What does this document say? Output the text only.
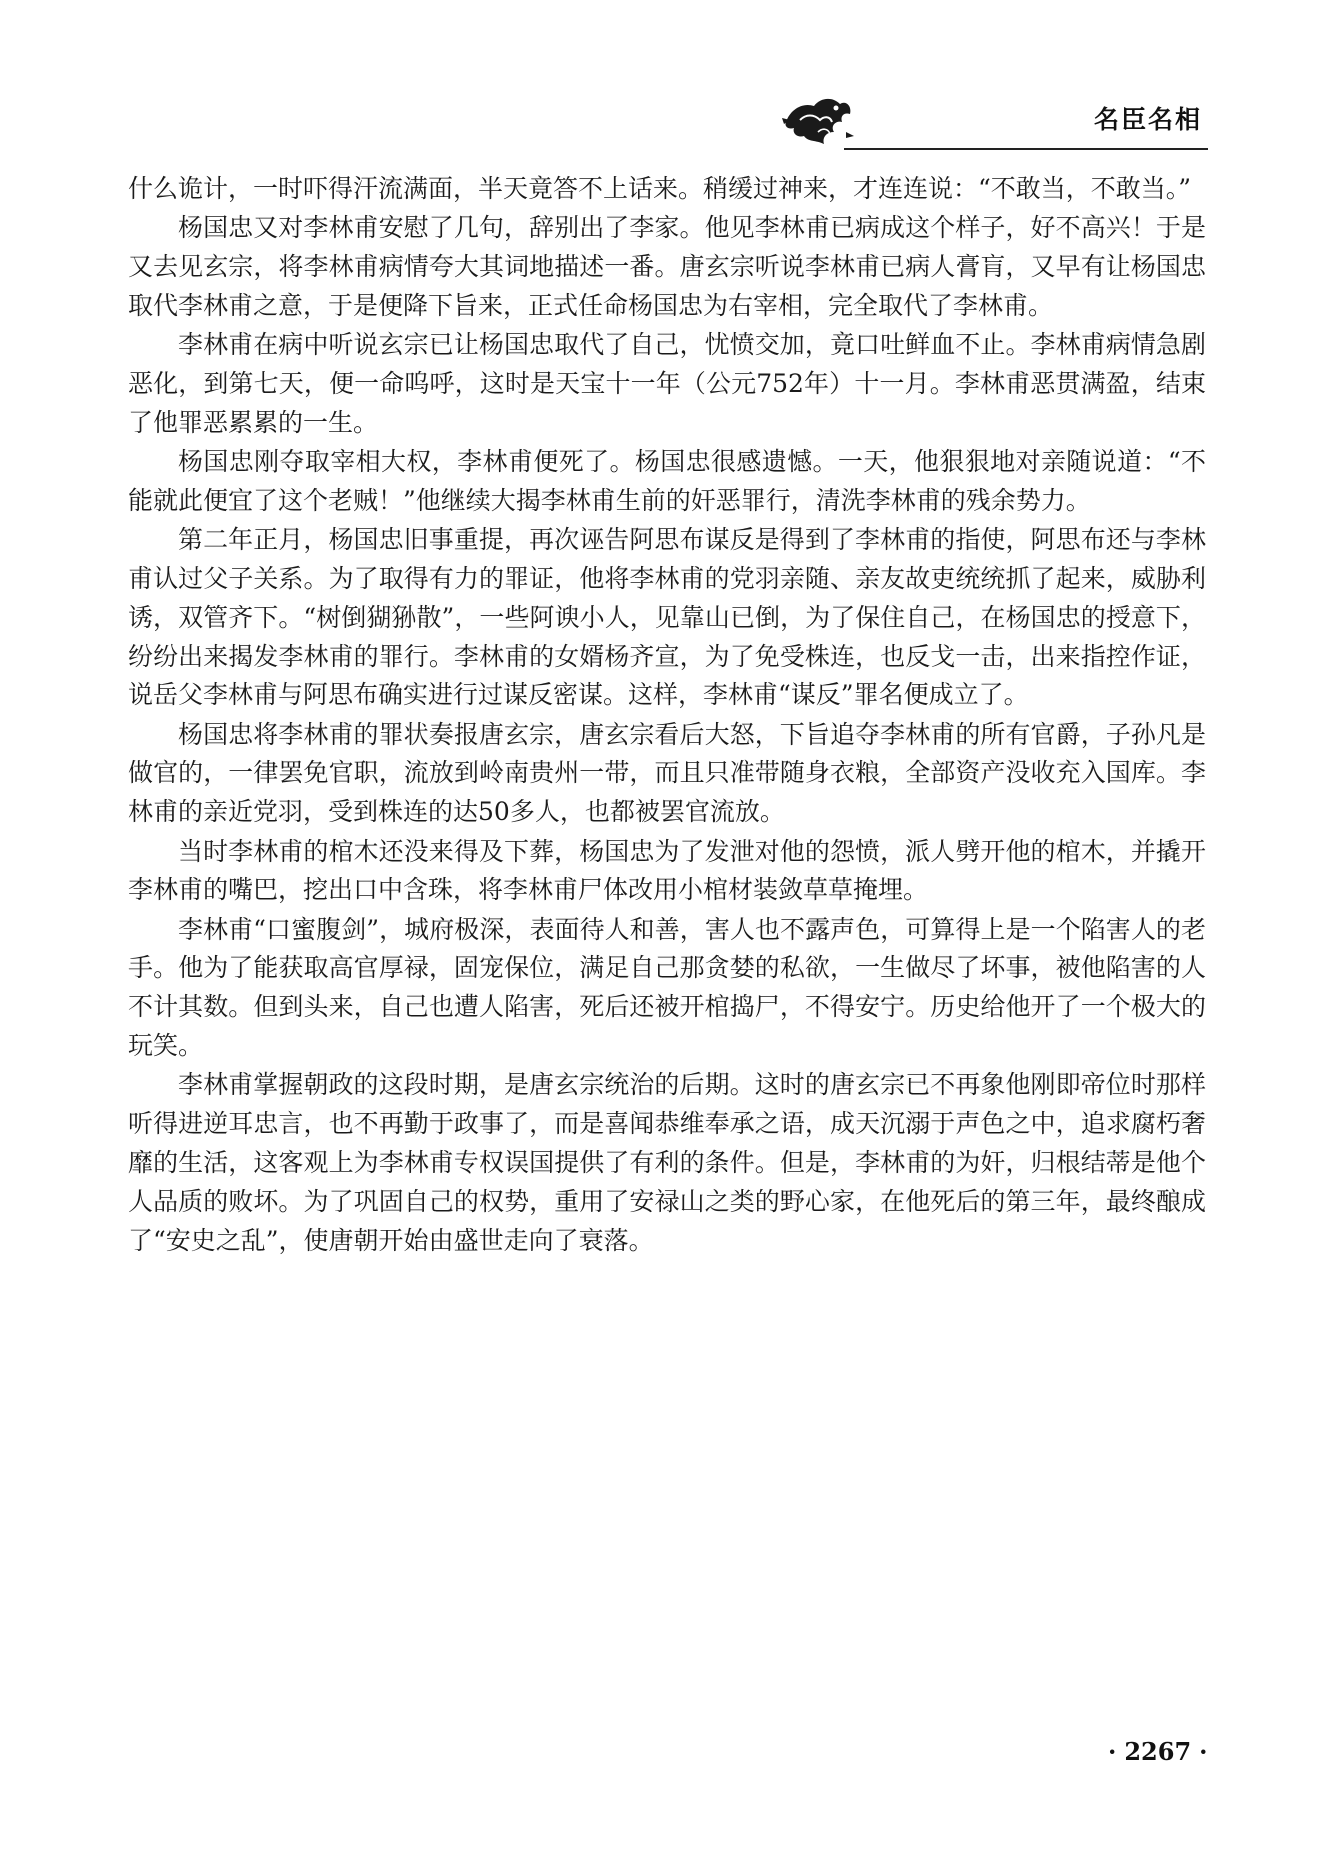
名臣名相

什么诡计，一时吓得汗流满面，半天竟答不上话来。稍缓过神来，才连连说：“不敢当，不敢当。”

杨国忠又对李林甫安慰了几句，辞别出了李家。他见李林甫已病成这个样子，好不高兴！于是又去见玄宗，将李林甫病情夸大其词地描述一番。唐玄宗听说李林甫已病人膏肓，又早有让杨国忠取代李林甫之意，于是便降下旨来，正式任命杨国忠为右宰相，完全取代了李林甫。

李林甫在病中听说玄宗已让杨国忠取代了自己，忧愤交加，竟口吐鲜血不止。李林甫病情急剧恶化，到第七天，便一命呜呼，这时是天宝十一年（公元752年）十一月。李林甫恶贯满盈，结束了他罪恶累累的一生。

杨国忠刚夺取宰相大权，李林甫便死了。杨国忠很感遗憾。一天，他狠狠地对亲随说道：“不能就此便宜了这个老贼！”他继续大揭李林甫生前的奸恶罪行，清洗李林甫的残余势力。

第二年正月，杨国忠旧事重提，再次诬告阿思布谋反是得到了李林甫的指使，阿思布还与李林甫认过父子关系。为了取得有力的罪证，他将李林甫的党羽亲随、亲友故吏统统抓了起来，威胁利诱，双管齐下。“树倒猢狲散”，一些阿谀小人，见靠山已倒，为了保住自己，在杨国忠的授意下，纷纷出来揭发李林甫的罪行。李林甫的女婿杨齐宣，为了免受株连，也反戈一击，出来指控作证，说岳父李林甫与阿思布确实进行过谋反密谋。这样，李林甫“谋反”罪名便成立了。

杨国忠将李林甫的罪状奏报唐玄宗，唐玄宗看后大怒，下旨追夺李林甫的所有官爵，子孙凡是做官的，一律罢免官职，流放到岭南贵州一带，而且只准带随身衣粮，全部资产没收充入国库。李林甫的亲近党羽，受到株连的达50多人，也都被罢官流放。

当时李林甫的棺木还没来得及下葬，杨国忠为了发泄对他的怨愤，派人劈开他的棺木，并撬开李林甫的嘴巴，挖出口中含珠，将李林甫尸体改用小棺材装敛草草掩埋。

李林甫“口蜜腹剑”，城府极深，表面待人和善，害人也不露声色，可算得上是一个陷害人的老手。他为了能获取高官厚禄，固宠保位，满足自己那贪婪的私欲，一生做尽了坏事，被他陷害的人不计其数。但到头来，自己也遭人陷害，死后还被开棺捣尸，不得安宁。历史给他开了一个极大的玩笑。

李林甫掌握朝政的这段时期，是唐玄宗统治的后期。这时的唐玄宗已不再象他刚即帝位时那样听得进逆耳忠言，也不再勤于政事了，而是喜闻恭维奉承之语，成天沉溺于声色之中，追求腐朽奢靡的生活，这客观上为李林甫专权误国提供了有利的条件。但是，李林甫的为奸，归根结蒂是他个人品质的败坏。为了巩固自己的权势，重用了安禄山之类的野心家，在他死后的第三年，最终酿成了“安史之乱”，使唐朝开始由盛世走向了衰落。

· 2267 ·
